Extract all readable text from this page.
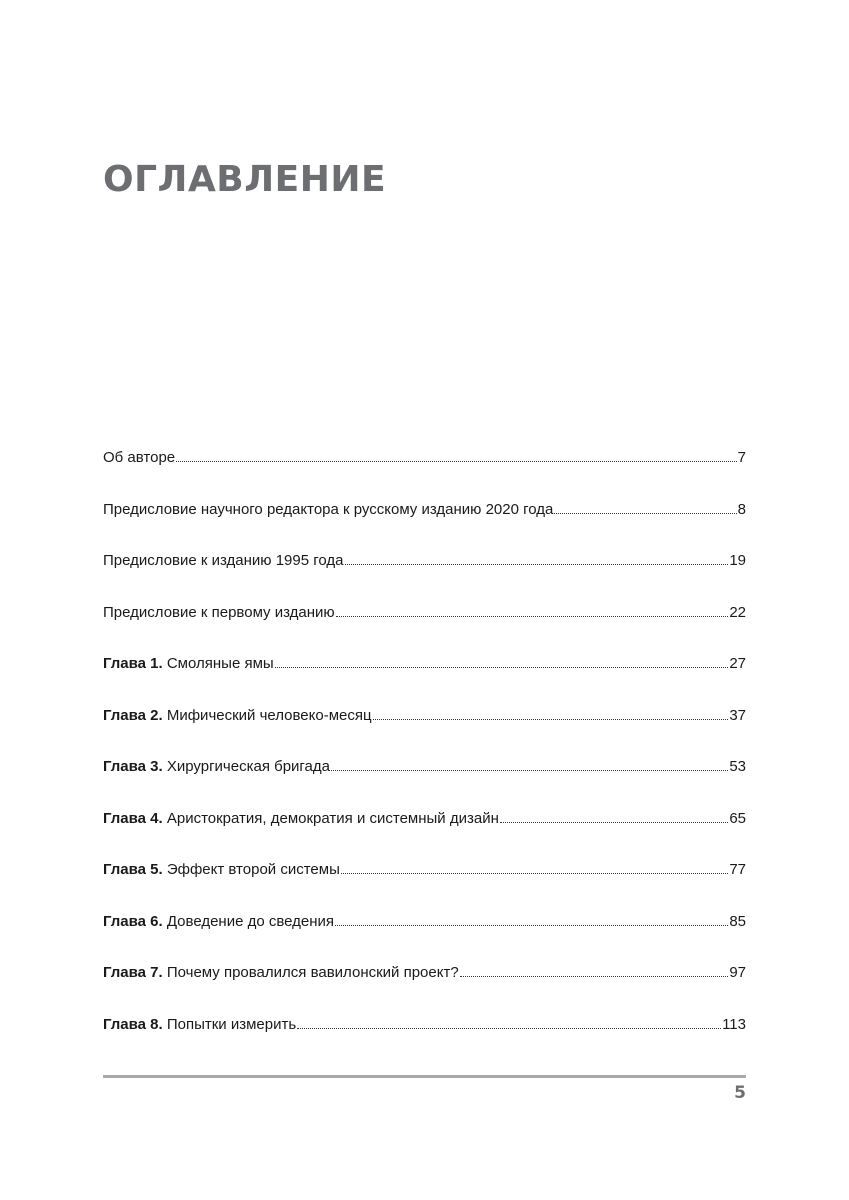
ОГЛАВЛЕНИЕ
Об авторе	7
Предисловие научного редактора к русскому изданию 2020 года	8
Предисловие к изданию 1995 года	19
Предисловие к первому изданию	22
Глава 1. Смоляные ямы	27
Глава 2. Мифический человеко-месяц	37
Глава 3. Хирургическая бригада	53
Глава 4. Аристократия, демократия и системный дизайн	65
Глава 5. Эффект второй системы	77
Глава 6. Доведение до сведения	85
Глава 7. Почему провалился вавилонский проект?	97
Глава 8. Попытки измерить	113
5
